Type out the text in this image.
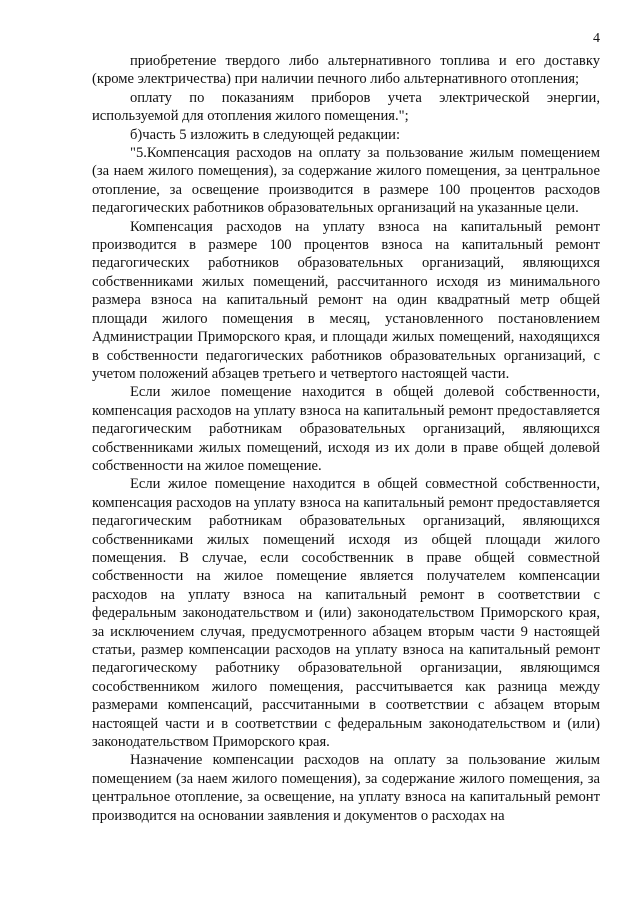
4

приобретение твердого либо альтернативного топлива и его доставку (кроме электричества) при наличии печного либо альтернативного отопления;

оплату по показаниям приборов учета электрической энергии, используемой для отопления жилого помещения.";

б)часть 5 изложить в следующей редакции:

"5.Компенсация расходов на оплату за пользование жилым помещением (за наем жилого помещения), за содержание жилого помещения, за центральное отопление, за освещение производится в размере 100 процентов расходов педагогических работников образовательных организаций на указанные цели.

Компенсация расходов на уплату взноса на капитальный ремонт производится в размере 100 процентов взноса на капитальный ремонт педагогических работников образовательных организаций, являющихся собственниками жилых помещений, рассчитанного исходя из минимального размера взноса на капитальный ремонт на один квадратный метр общей площади жилого помещения в месяц, установленного постановлением Администрации Приморского края, и площади жилых помещений, находящихся в собственности педагогических работников образовательных организаций, с учетом положений абзацев третьего и четвертого настоящей части.

Если жилое помещение находится в общей долевой собственности, компенсация расходов на уплату взноса на капитальный ремонт предоставляется педагогическим работникам образовательных организаций, являющихся собственниками жилых помещений, исходя из их доли в праве общей долевой собственности на жилое помещение.

Если жилое помещение находится в общей совместной собственности, компенсация расходов на уплату взноса на капитальный ремонт предоставляется педагогическим работникам образовательных организаций, являющихся собственниками жилых помещений исходя из общей площади жилого помещения. В случае, если сособственник в праве общей совместной собственности на жилое помещение является получателем компенсации расходов на уплату взноса на капитальный ремонт в соответствии с федеральным законодательством и (или) законодательством Приморского края, за исключением случая, предусмотренного абзацем вторым части 9 настоящей статьи, размер компенсации расходов на уплату взноса на капитальный ремонт педагогическому работнику образовательной организации, являющимся сособственником жилого помещения, рассчитывается как разница между размерами компенсаций, рассчитанными в соответствии с абзацем вторым настоящей части и в соответствии с федеральным законодательством и (или) законодательством Приморского края.

Назначение компенсации расходов на оплату за пользование жилым помещением (за наем жилого помещения), за содержание жилого помещения, за центральное отопление, за освещение, на уплату взноса на капитальный ремонт производится на основании заявления и документов о расходах на
